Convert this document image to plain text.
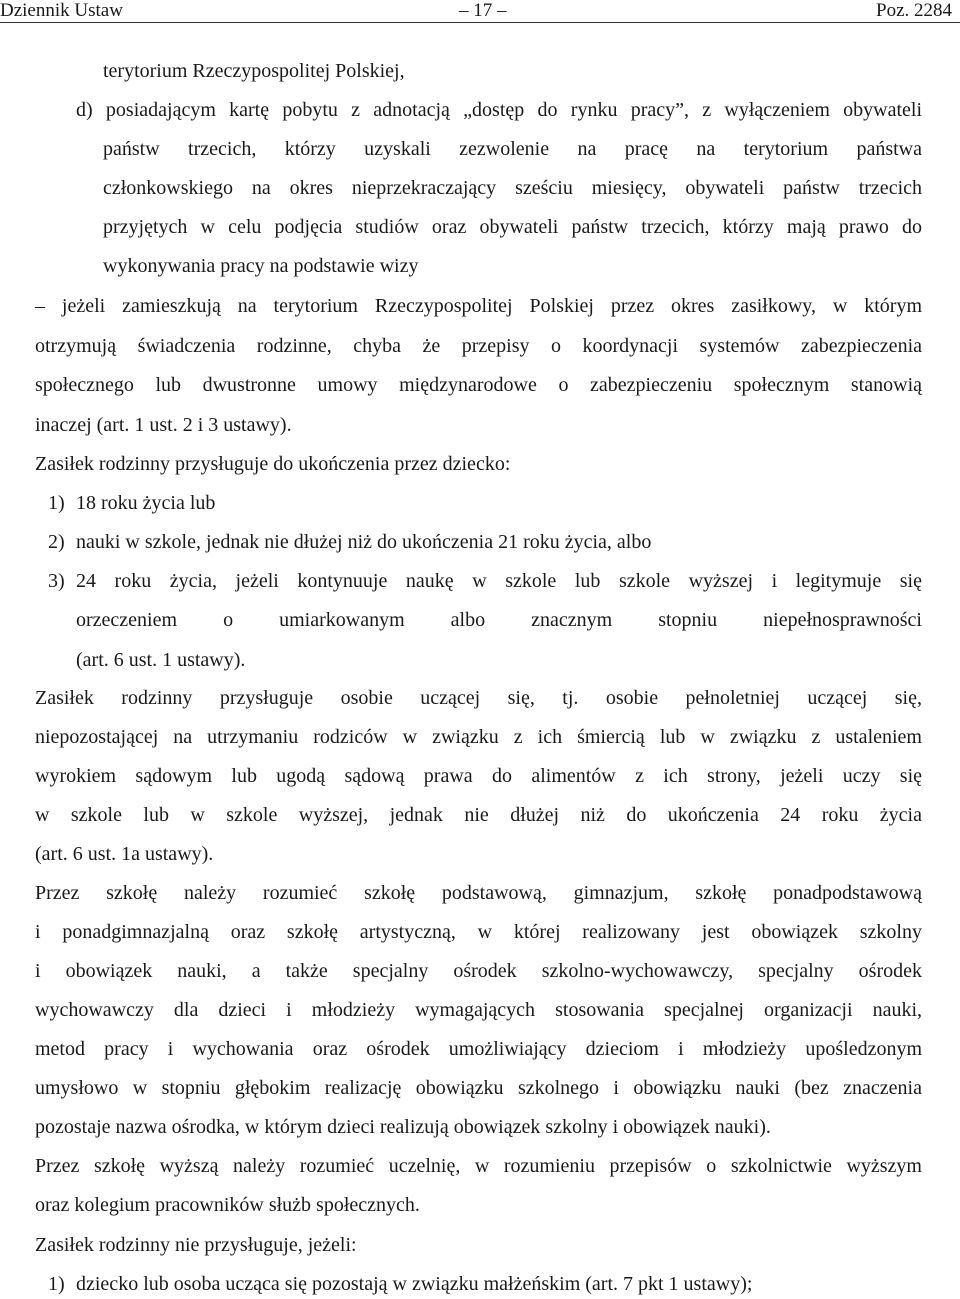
Dziennik Ustaw	– 17 –	Poz. 2284
terytorium Rzeczypospolitej Polskiej,
d) posiadającym kartę pobytu z adnotacją „dostęp do rynku pracy”, z wyłączeniem obywateli
państw trzecich, którzy uzyskali zezwolenie na pracę na terytorium państwa
członkowskiego na okres nieprzekraczający sześciu miesięcy, obywateli państw trzecich
przyjętych w celu podjęcia studiów oraz obywateli państw trzecich, którzy mają prawo do
wykonywania pracy na podstawie wizy
– jeżeli zamieszkują na terytorium Rzeczypospolitej Polskiej przez okres zasiłkowy, w którym
otrzymują świadczenia rodzinne, chyba że przepisy o koordynacji systemów zabezpieczenia
społecznego lub dwustronne umowy międzynarodowe o zabezpieczeniu społecznym stanowią
inaczej (art. 1 ust. 2 i 3 ustawy).
Zasiłek rodzinny przysługuje do ukończenia przez dziecko:
1) 18 roku życia lub
2) nauki w szkole, jednak nie dłużej niż do ukończenia 21 roku życia, albo
3) 24 roku życia, jeżeli kontynuuje naukę w szkole lub szkole wyższej i legitymuje się
orzeczeniem o umiarkowanym albo znacznym stopniu niepełnosprawności
(art. 6 ust. 1 ustawy).
Zasiłek rodzinny przysługuje osobie uczącej się, tj. osobie pełnoletniej uczącej się,
niepozostającej na utrzymaniu rodziców w związku z ich śmiercią lub w związku z ustaleniem
wyrokiem sądowym lub ugodą sądową prawa do alimentów z ich strony, jeżeli uczy się
w szkole lub w szkole wyższej, jednak nie dłużej niż do ukończenia 24 roku życia
(art. 6 ust. 1a ustawy).
Przez szkołę należy rozumieć szkołę podstawową, gimnazjum, szkołę ponadpodstawową
i ponadgimnazjalną oraz szkołę artystyczną, w której realizowany jest obowiązek szkolny
i obowiązek nauki, a także specjalny ośrodek szkolno-wychowawczy, specjalny ośrodek
wychowawczy dla dzieci i młodzieży wymagających stosowania specjalnej organizacji nauki,
metod pracy i wychowania oraz ośrodek umożliwiający dzieciom i młodzieży upośledzonym
umysłowo w stopniu głębokim realizację obowiązku szkolnego i obowiązku nauki (bez znaczenia
pozostaje nazwa ośrodka, w którym dzieci realizują obowiązek szkolny i obowiązek nauki).
Przez szkołę wyższą należy rozumieć uczelnię, w rozumieniu przepisów o szkolnictwie wyższym
oraz kolegium pracowników służb społecznych.
Zasiłek rodzinny nie przysługuje, jeżeli:
1) dziecko lub osoba ucząca się pozostają w związku małżeńskim (art. 7 pkt 1 ustawy);
